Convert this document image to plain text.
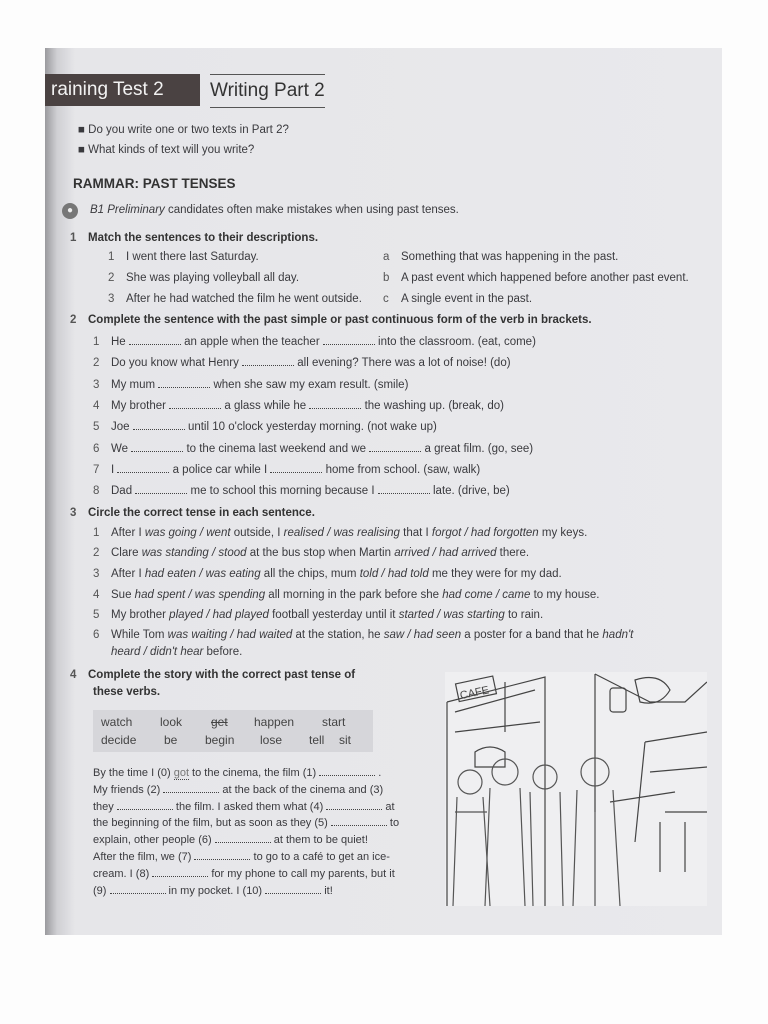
raining Test 2	Writing Part 2
■ Do you write one or two texts in Part 2?
■ What kinds of text will you write?
RAMMAR: PAST TENSES
● B1 Preliminary candidates often make mistakes when using past tenses.
1 Match the sentences to their descriptions.
2 Complete the sentence with the past simple or past continuous form of the verb in brackets.
3 Circle the correct tense in each sentence.
4 Complete the story with the correct past tense of
these verbs.
watch look get happen start
decide be begin lose tell sit
CAFE
1 I went there last Saturday.	a Something that was happening in the past.
2 She was playing volleyball all day.	b A past event which happened before another past event.
3 After he had watched the film he went outside. c A single event in the past.
1 He	an apple when the teacher	into the classroom. (eat, come)
2 Do you know what Henry	all evening? There was a lot of noise! (do)
3 My mum	when she saw my exam result. (smile)
4 My brother	a glass while he	the washing up. (break, do)
5 Joe	until 10 o'clock yesterday morning. (not wake up)
6 We	to the cinema last weekend and we	a great film. (go, see)
7 I	a police car while I	home from school. (saw, walk)
8 Dad	me to school this morning because I	late. (drive, be)
1 After I was going / went outside, I realised / was realising that I forgot / had forgotten my keys.
2 Clare was standing / stood at the bus stop when Martin arrived / had arrived there.
3 After I had eaten / was eating all the chips, mum told / had told me they were for my dad.
4 Sue had spent / was spending all morning in the park before she had come / came to my house.
5 My brother played / had played football yesterday until it started / was starting to rain.
6 While Tom was waiting / had waited at the station, he saw / had seen a poster for a band that he hadn't
heard / didn't hear before.
By the time I (0) got to the cinema, the film (1)	.
My friends (2)	at the back of the cinema and (3)
they	the film. I asked them what (4)	at
the beginning of the film, but as soon as they (5)	to
explain, other people (6)	at them to be quiet!
After the film, we (7)	to go to a café to get an ice-
cream. I (8)	for my phone to call my parents, but it
(9)	in my pocket. I (10)	it!
